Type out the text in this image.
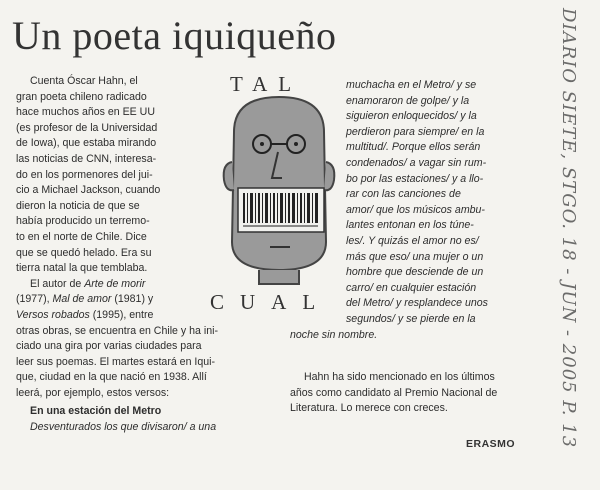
Un poeta iquiqueño

Cuenta Óscar Hahn, el

gran poeta chileno radicado

hace muchos años en EE UU

(es profesor de la Universidad

de Iowa), que estaba mirando

las noticias de CNN, interesa-

do en los pormenores del jui-

cio a Michael Jackson, cuando

dieron la noticia de que se

había producido un terremo-

to en el norte de Chile. Dice

que se quedó helado. Era su

tierra natal la que temblaba.

El autor de Arte de morir

(1977), Mal de amor (1981) y

Versos robados (1995), entre

otras obras, se encuentra en Chile y ha ini-

ciado una gira por varias ciudades para

leer sus poemas. El martes estará en Iqui-

que, ciudad en la que nació en 1938. Allí

leerá, por ejemplo, estos versos:

En una estación del Metro

Desventurados los que divisaron/ a una

TAL
CUAL

muchacha en el Metro/ y se

enamoraron de golpe/ y la

siguieron enloquecidos/ y la

perdieron para siempre/ en la

multitud/. Porque ellos serán

condenados/ a vagar sin rum-

bo por las estaciones/ y a llo-

rar con las canciones de

amor/ que los músicos ambu-

lantes entonan en los túne-

les/. Y quizás el amor no es/

más que eso/ una mujer o un

hombre que desciende de un

carro/ en cualquier estación

del Metro/ y resplandece unos

segundos/ y se pierde en la

noche sin nombre.

Hahn ha sido mencionado en los últimos

años como candidato al Premio Nacional de

Literatura. Lo merece con creces.

ERASMO DIARIO SIETE, STGO. 18 - JUN - 2005 P. 13
